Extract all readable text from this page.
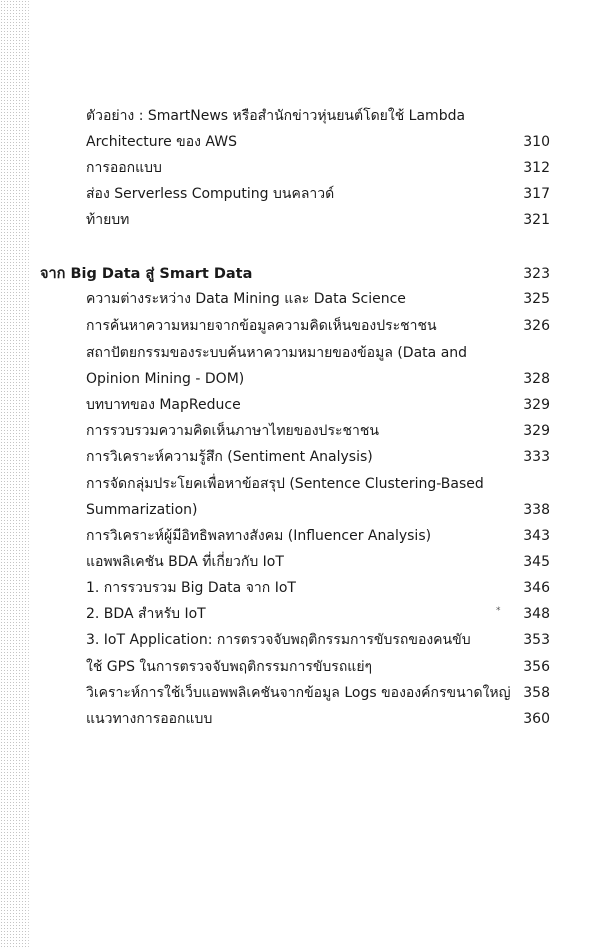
ตัวอย่าง : SmartNews หรือสำนักข่าวหุ่นยนต์โดยใช้ Lambda
Architecture ของ AWS	310
การออกแบบ	312
ส่อง Serverless Computing บนคลาวด์	317
ท้ายบท	321
จาก Big Data สู่ Smart Data	323
ความต่างระหว่าง Data Mining และ Data Science	325
การค้นหาความหมายจากข้อมูลความคิดเห็นของประชาชน	326
สถาปัตยกรรมของระบบค้นหาความหมายของข้อมูล (Data and
Opinion Mining - DOM)	328
บทบาทของ MapReduce	329
การรวบรวมความคิดเห็นภาษาไทยของประชาชน	329
การวิเคราะห์ความรู้สึก (Sentiment Analysis)	333
การจัดกลุ่มประโยคเพื่อหาข้อสรุป (Sentence Clustering-Based
Summarization)	338
การวิเคราะห์ผู้มีอิทธิพลทางสังคม (Influencer Analysis)	343
แอพพลิเคชัน BDA ที่เกี่ยวกับ IoT	345
1. การรวบรวม Big Data จาก IoT	346
2. BDA สำหรับ IoT	348
3. IoT Application: การตรวจจับพฤติกรรมการขับรถของคนขับ	353
ใช้ GPS ในการตรวจจับพฤติกรรมการขับรถแย่ๆ	356
วิเคราะห์การใช้เว็บแอพพลิเคชันจากข้อมูล Logs ขององค์กรขนาดใหญ่ 358
แนวทางการออกแบบ	360
*
